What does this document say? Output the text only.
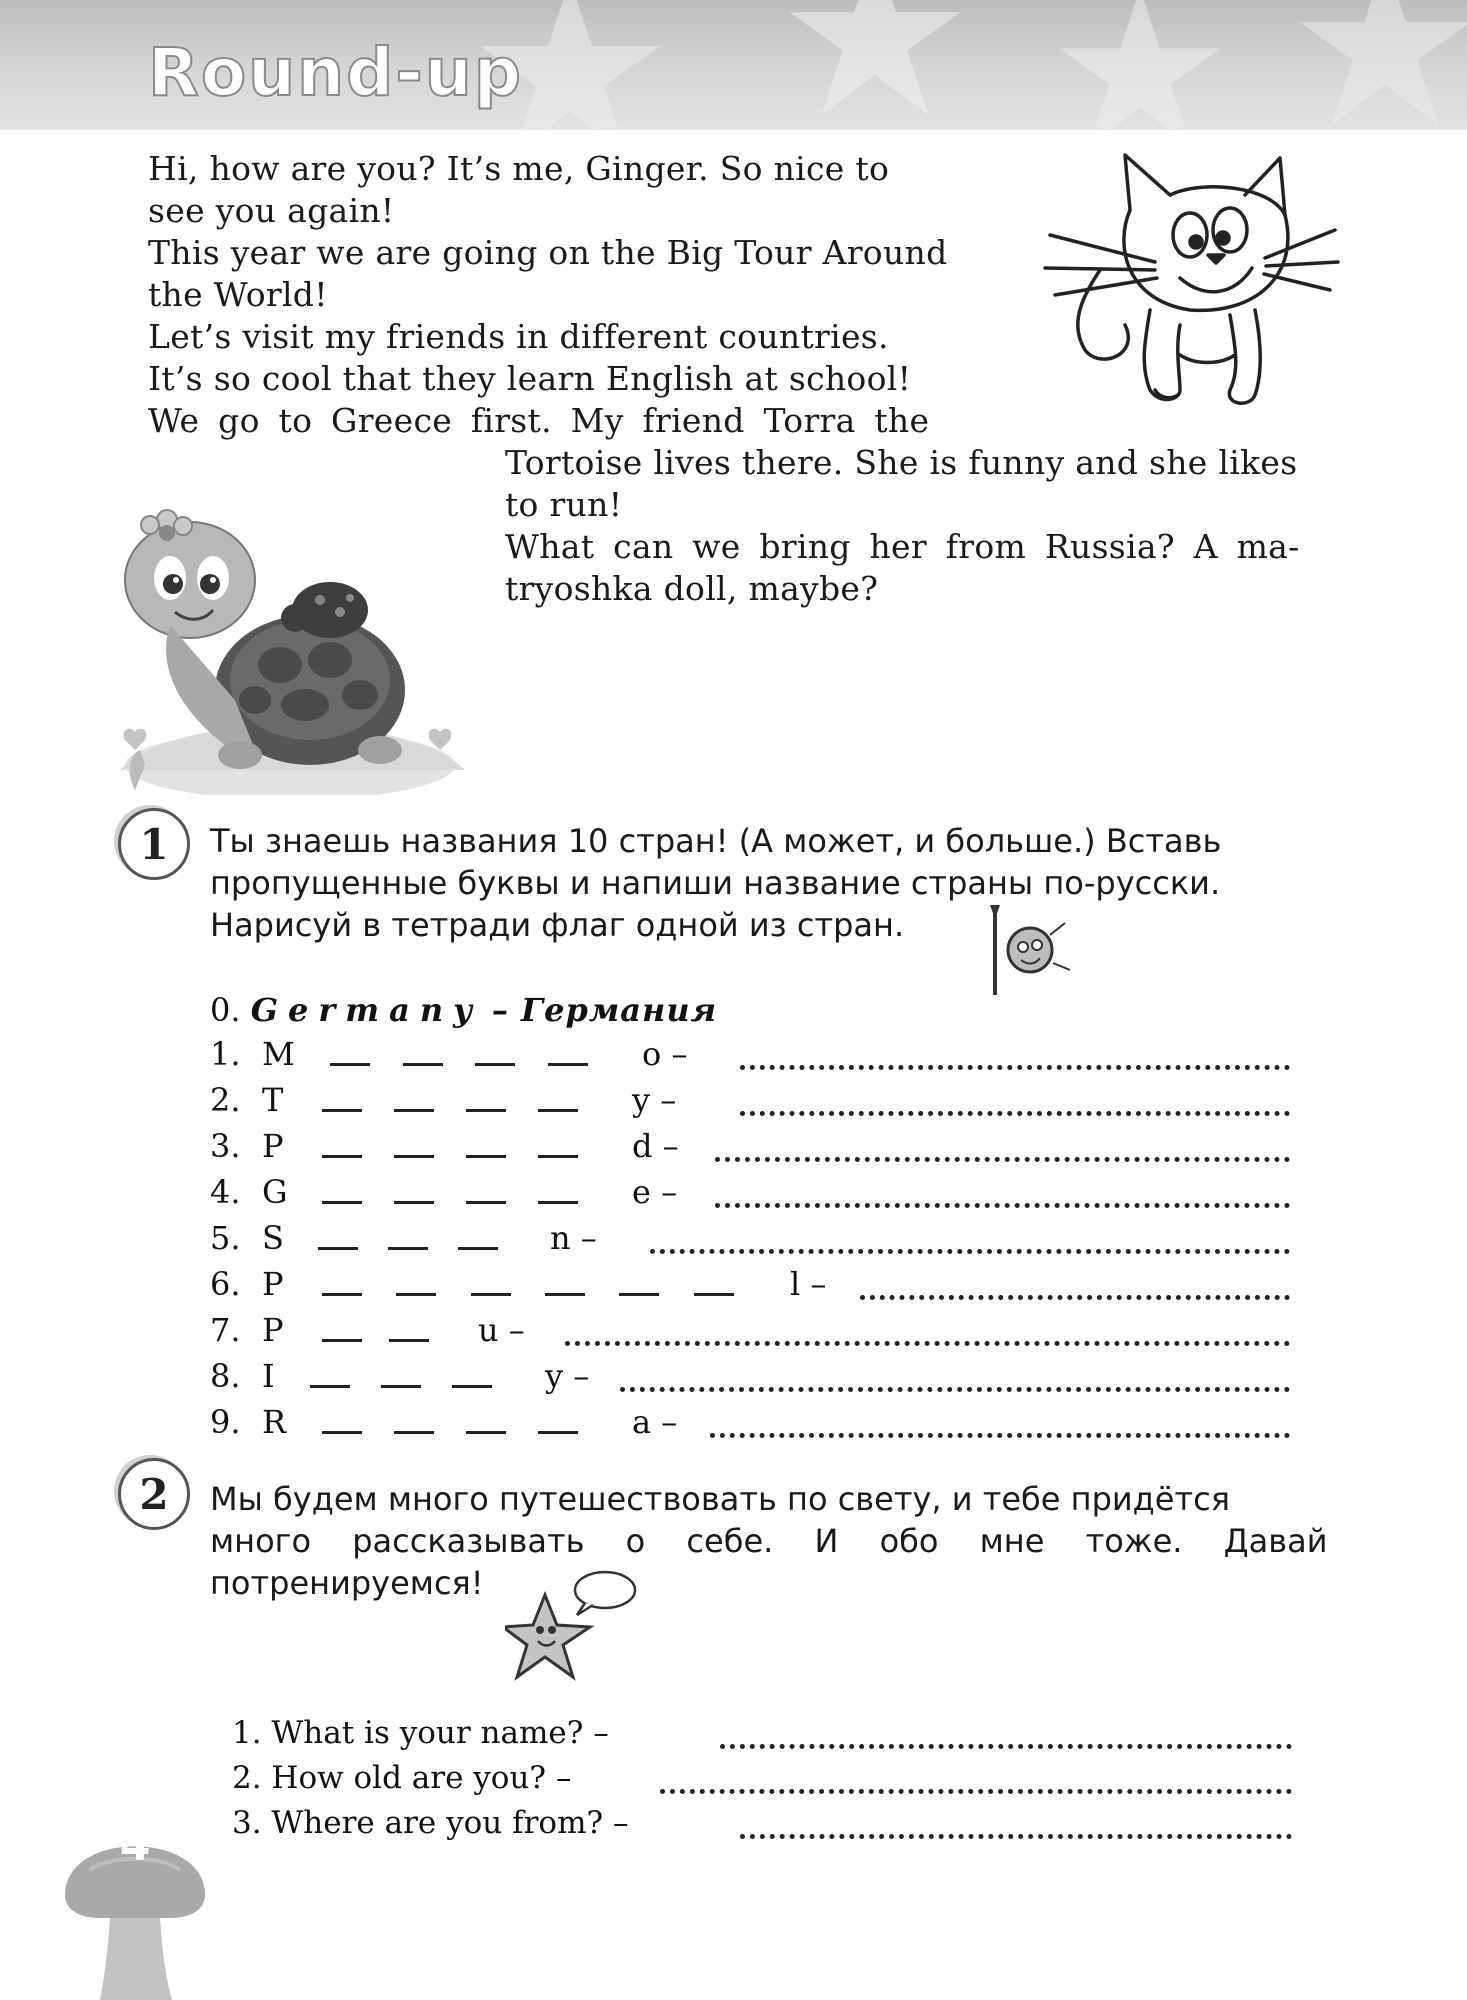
Round-up
Hi, how are you? It’s me, Ginger. So nice to
see you again!
This year we are going on the Big Tour Around
the World!
Let’s visit my friends in different countries.
It’s so cool that they learn English at school!
We go to Greece first. My friend Torra the
Tortoise lives there. She is funny and she likes
to run!
What can we bring her from Russia? A ma-
tryoshka doll, maybe?
1	Ты знаешь названия 10 стран! (А может, и больше.) Вставь
пропущенные буквы и напиши название страны по-русски.
Нарисуй в тетради флаг одной из стран.
0. Germany – Германия
1. M	o –
2. T	y –
3. P	d –
4. G	e –
5. S	n –
6. P	l –
7. P	u –
8. I	y –
9. R	a –
2	Мы будем много путешествовать по свету, и тебе придётся
много рассказывать о себе. И обо мне тоже. Давай
потренируемся!
1. What is your name? –
2. How old are you? –
3. Where are you from? –
4
